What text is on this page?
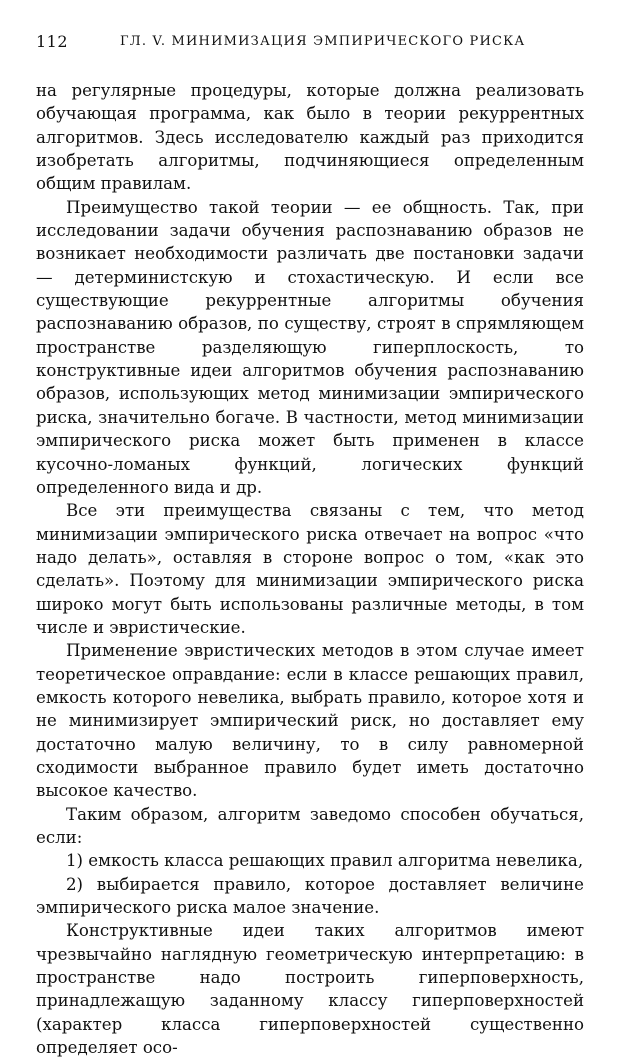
112	ГЛ. V. МИНИМИЗАЦИЯ ЭМПИРИЧЕСКОГО РИСКА

на регулярные процедуры, которые должна реализовать обучающая программа, как было в теории рекуррентных алгоритмов. Здесь исследователю каждый раз приходится изобретать алгоритмы, подчиняющиеся определенным общим правилам.

Преимущество такой теории — ее общность. Так, при исследовании задачи обучения распознаванию образов не возникает необходимости различать две постановки задачи — детерминистскую и стохастическую. И если все существующие рекуррентные алгоритмы обучения распознаванию образов, по существу, строят в спрямляющем пространстве разделяющую гиперплоскость, то конструктивные идеи алгоритмов обучения распознаванию образов, использующих метод минимизации эмпирического риска, значительно богаче. В частности, метод минимизации эмпирического риска может быть применен в классе кусочно-ломаных функций, логических функций определенного вида и др.

Все эти преимущества связаны с тем, что метод минимизации эмпирического риска отвечает на вопрос «что надо делать», оставляя в стороне вопрос о том, «как это сделать». Поэтому для минимизации эмпирического риска широко могут быть использованы различные методы, в том числе и эвристические.

Применение эвристических методов в этом случае имеет теоретическое оправдание: если в классе решающих правил, емкость которого невелика, выбрать правило, которое хотя и не минимизирует эмпирический риск, но доставляет ему достаточно малую величину, то в силу равномерной сходимости выбранное правило будет иметь достаточно высокое качество.

Таким образом, алгоритм заведомо способен обучаться, если:

1) емкость класса решающих правил алгоритма невелика,

2) выбирается правило, которое доставляет величине эмпирического риска малое значение.

Конструктивные идеи таких алгоритмов имеют чрезвычайно наглядную геометрическую интерпретацию: в пространстве надо построить гиперповерхность, принадлежащую заданному классу гиперповерхностей (характер класса гиперповерхностей существенно определяет осо-
